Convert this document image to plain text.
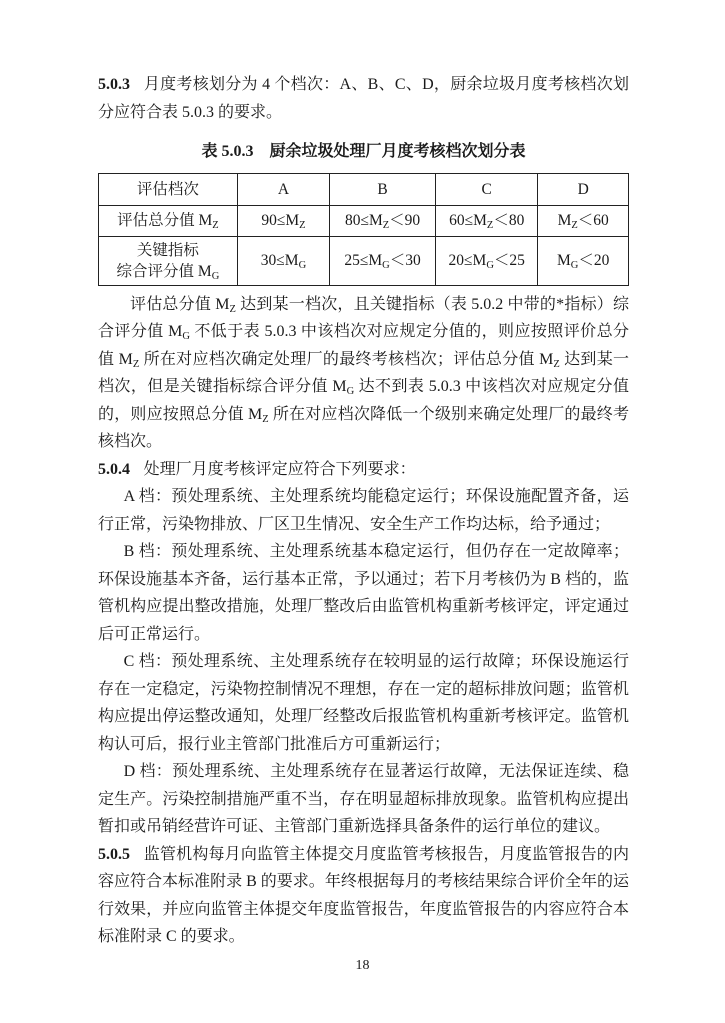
5.0.3 月度考核划分为 4 个档次：A、B、C、D，厨余垃圾月度考核档次划分应符合表 5.0.3 的要求。

表 5.0.3　厨余垃圾处理厂月度考核档次划分表

评估档次	A	B	C	D
评估总分值 $M_Z$	$90\le M_Z$	$80\le M_Z<90$	$60\le M_Z<80$	$M_Z<60$
关键指标
综合评分值 $M_G$	$30\le M_G$	$25\le M_G<30$	$20\le M_G<25$	$M_G<20$

评估总分值 $M_Z$ 达到某一档次，且关键指标（表 5.0.2 中带的*指标）综合评分值 $M_G$ 不低于表 5.0.3 中该档次对应规定分值的，则应按照评价总分值 $M_Z$ 所在对应档次确定处理厂的最终考核档次；评估总分值 $M_Z$ 达到某一档次，但是关键指标综合评分值 $M_G$ 达不到表 5.0.3 中该档次对应规定分值的，则应按照总分值 $M_Z$ 所在对应档次降低一个级别来确定处理厂的最终考核档次。

5.0.4 处理厂月度考核评定应符合下列要求：

A 档：预处理系统、主处理系统均能稳定运行；环保设施配置齐备，运行正常，污染物排放、厂区卫生情况、安全生产工作均达标，给予通过；

B 档：预处理系统、主处理系统基本稳定运行，但仍存在一定故障率；环保设施基本齐备，运行基本正常，予以通过；若下月考核仍为 B 档的，监管机构应提出整改措施，处理厂整改后由监管机构重新考核评定，评定通过后可正常运行。

C 档：预处理系统、主处理系统存在较明显的运行故障；环保设施运行存在一定稳定，污染物控制情况不理想，存在一定的超标排放问题；监管机构应提出停运整改通知，处理厂经整改后报监管机构重新考核评定。监管机构认可后，报行业主管部门批准后方可重新运行；

D 档：预处理系统、主处理系统存在显著运行故障，无法保证连续、稳定生产。污染控制措施严重不当，存在明显超标排放现象。监管机构应提出暂扣或吊销经营许可证、主管部门重新选择具备条件的运行单位的建议。

5.0.5 监管机构每月向监管主体提交月度监管考核报告，月度监管报告的内容应符合本标准附录 B 的要求。年终根据每月的考核结果综合评价全年的运行效果，并应向监管主体提交年度监管报告，年度监管报告的内容应符合本标准附录 C 的要求。

18
